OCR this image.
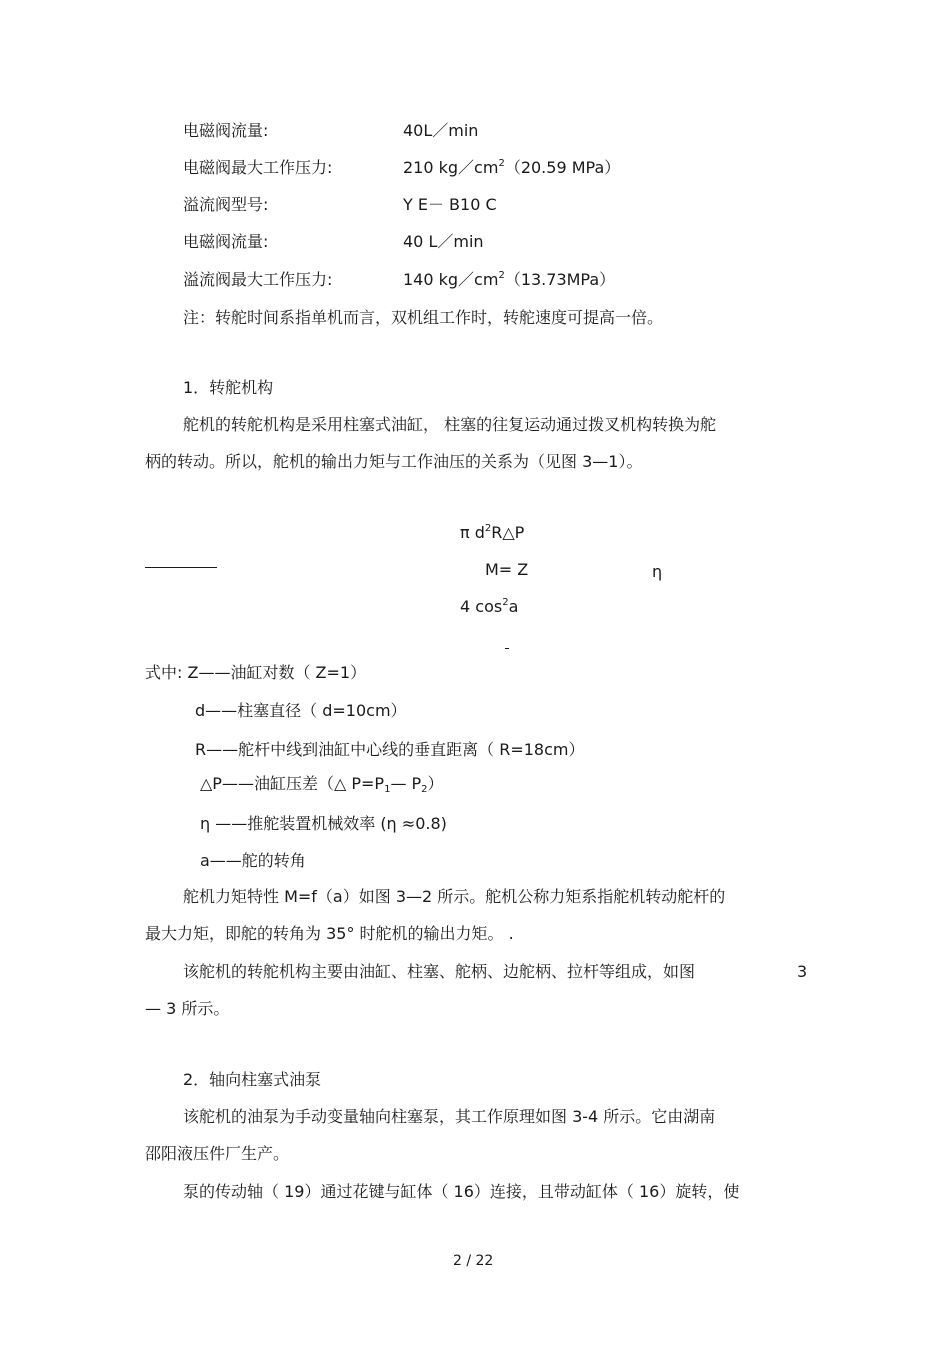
电磁阀流量:	40L／min
电磁阀最大工作压力:	210 $kg/cm^2(20.59$ MPa）
溢流阀型号:	Y E－ B10 C
电磁阀流量:	40 L／min
溢流阀最大工作压力:	140 $kg/cm^2(13.73MPa)$
注：转舵时间系指单机而言，双机组工作时，转舵速度可提高一倍。
1．转舵机构
舵机的转舵机构是采用柱塞式油缸， 柱塞的往复运动通过拨叉机构转换为舵
柄的转动。所以，舵机的输出力矩与工作油压的关系为（见图 3—1）。
π $d^2R\triangle P$
M= Z	η
4 $\cos^2a$
式中: Z——油缸对数（ Z=1）
d——柱塞直径（ d=10cm）
R——舵杆中线到油缸中心线的垂直距离（ R=18cm）
△P——油缸压差（△ $P=P_1—$ $P_2$）
η ——推舵装置机械效率 (η ≈0.8)
a——舵的转角
舵机力矩特性 M=f（a）如图 3—2 所示。舵机公称力矩系指舵机转动舵杆的
最大力矩，即舵的转角为 35° 时舵机的输出力矩。 .
该舵机的转舵机构主要由油缸、柱塞、舵柄、边舵柄、拉杆等组成，如图	3
— 3 所示。
2．轴向柱塞式油泵
该舵机的油泵为手动变量轴向柱塞泵，其工作原理如图 3-4 所示。它由湖南
邵阳液压件厂生产。
泵的传动轴（ 19）通过花键与缸体（ 16）连接，且带动缸体（ 16）旋转，使
2 / 22
